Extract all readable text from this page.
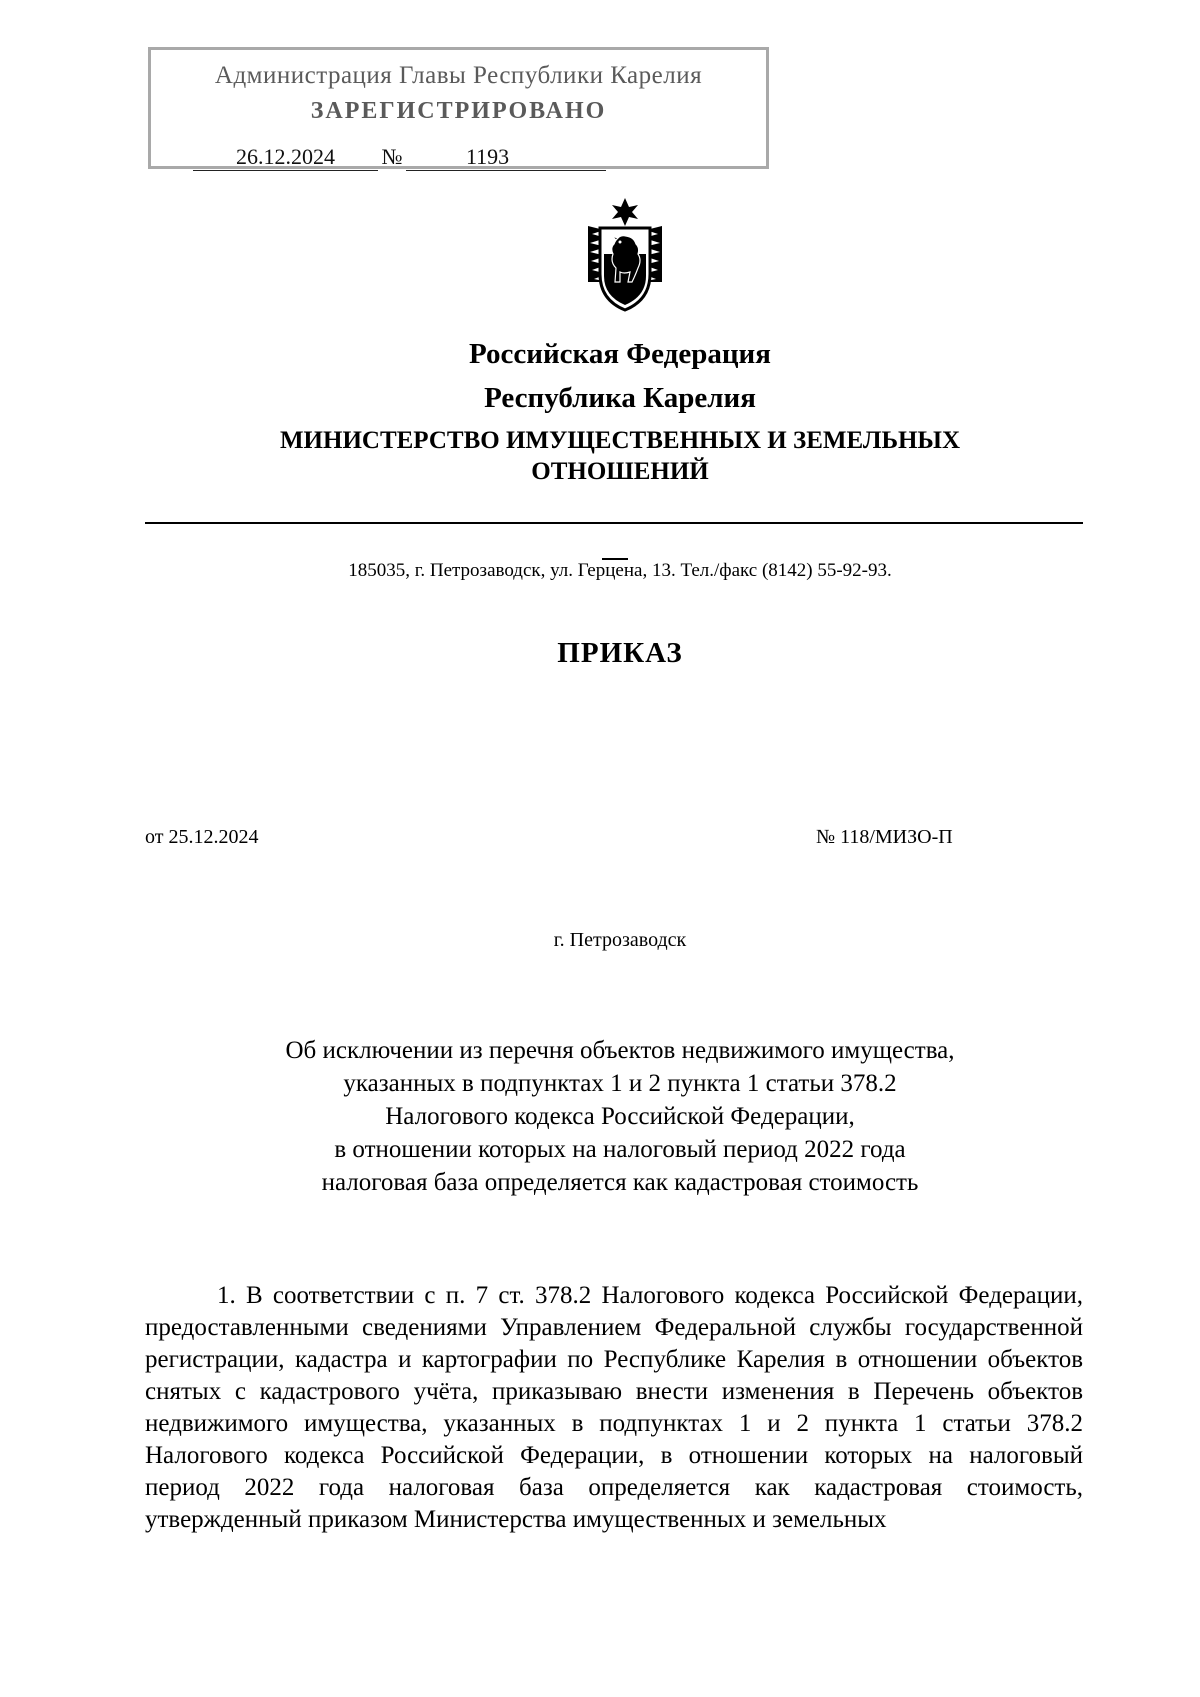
Администрация Главы Республики Карелия
ЗАРЕГИСТРИРОВАНО
26.12.2024	№	1193
Российская Федерация
Республика Карелия
МИНИСТЕРСТВО ИМУЩЕСТВЕННЫХ И ЗЕМЕЛЬНЫХ
ОТНОШЕНИЙ
185035, г. Петрозаводск, ул. Герцена, 13. Тел./факс (8142) 55-92-93.
ПРИКАЗ
от 25.12.2024	№ 118/МИЗО-П
г. Петрозаводск
Об исключении из перечня объектов недвижимого имущества,
указанных в подпунктах 1 и 2 пункта 1 статьи 378.2
Налогового кодекса Российской Федерации,
в отношении которых на налоговый период 2022 года
налоговая база определяется как кадастровая стоимость
1. В соответствии с п. 7 ст. 378.2 Налогового кодекса Российской Федерации, предоставленными сведениями Управлением Федеральной службы государственной регистрации, кадастра и картографии по Республике Карелия в отношении объектов снятых с кадастрового учёта, приказываю внести изменения в Перечень объектов недвижимого имущества, указанных в подпунктах 1 и 2 пункта 1 статьи 378.2 Налогового кодекса Российской Федерации, в отношении которых на налоговый период 2022 года налоговая база определяется как кадастровая стоимость, утвержденный приказом Министерства имущественных и земельных
